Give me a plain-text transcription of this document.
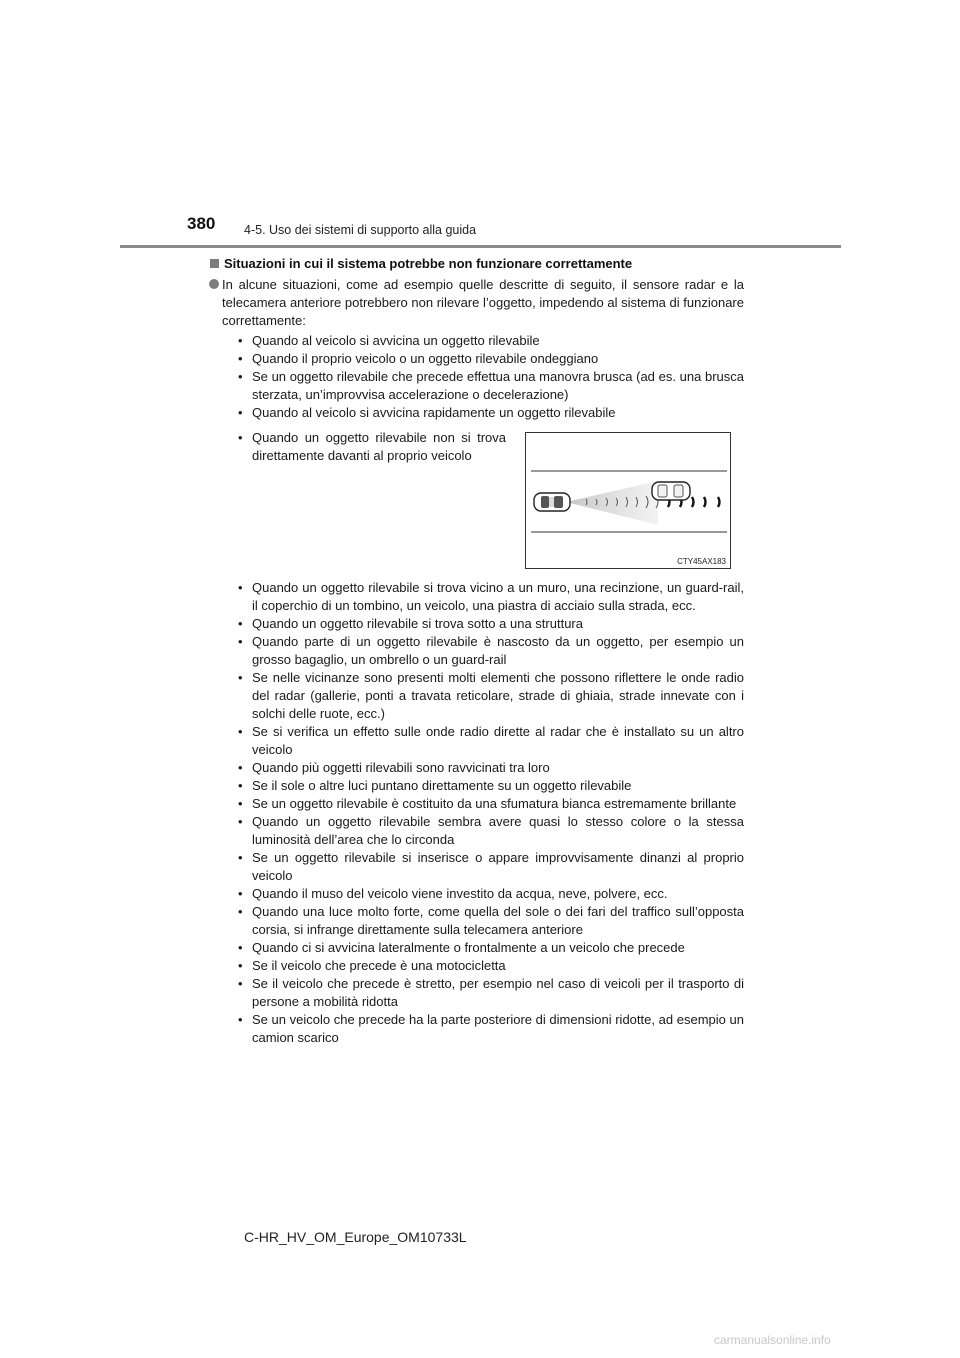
380 4-5. Uso dei sistemi di supporto alla guida
Situazioni in cui il sistema potrebbe non funzionare correttamente
In alcune situazioni, come ad esempio quelle descritte di seguito, il sensore radar e la telecamera anteriore potrebbero non rilevare l’oggetto, impedendo al sistema di funzionare correttamente:
• Quando al veicolo si avvicina un oggetto rilevabile
• Quando il proprio veicolo o un oggetto rilevabile ondeggiano
• Se un oggetto rilevabile che precede effettua una manovra brusca (ad es. una brusca sterzata, un’improvvisa accelerazione o decelerazione)
• Quando al veicolo si avvicina rapidamente un oggetto rilevabile
• Quando un oggetto rilevabile non si trova direttamente davanti al proprio veicolo
CTY45AX183
• Quando un oggetto rilevabile si trova vicino a un muro, una recinzione, un guard-rail, il coperchio di un tombino, un veicolo, una piastra di acciaio sulla strada, ecc.
• Quando un oggetto rilevabile si trova sotto a una struttura
• Quando parte di un oggetto rilevabile è nascosto da un oggetto, per esempio un grosso bagaglio, un ombrello o un guard-rail
• Se nelle vicinanze sono presenti molti elementi che possono riflettere le onde radio del radar (gallerie, ponti a travata reticolare, strade di ghiaia, strade innevate con i solchi delle ruote, ecc.)
• Se si verifica un effetto sulle onde radio dirette al radar che è installato su un altro veicolo
• Quando più oggetti rilevabili sono ravvicinati tra loro
• Se il sole o altre luci puntano direttamente su un oggetto rilevabile
• Se un oggetto rilevabile è costituito da una sfumatura bianca estremamente brillante
• Quando un oggetto rilevabile sembra avere quasi lo stesso colore o la stessa luminosità dell’area che lo circonda
• Se un oggetto rilevabile si inserisce o appare improvvisamente dinanzi al proprio veicolo
• Quando il muso del veicolo viene investito da acqua, neve, polvere, ecc.
• Quando una luce molto forte, come quella del sole o dei fari del traffico sull’opposta corsia, si infrange direttamente sulla telecamera anteriore
• Quando ci si avvicina lateralmente o frontalmente a un veicolo che precede
• Se il veicolo che precede è una motocicletta
• Se il veicolo che precede è stretto, per esempio nel caso di veicoli per il trasporto di persone a mobilità ridotta
• Se un veicolo che precede ha la parte posteriore di dimensioni ridotte, ad esempio un camion scarico
C-HR_HV_OM_Europe_OM10733L
carmanualsonline.info
